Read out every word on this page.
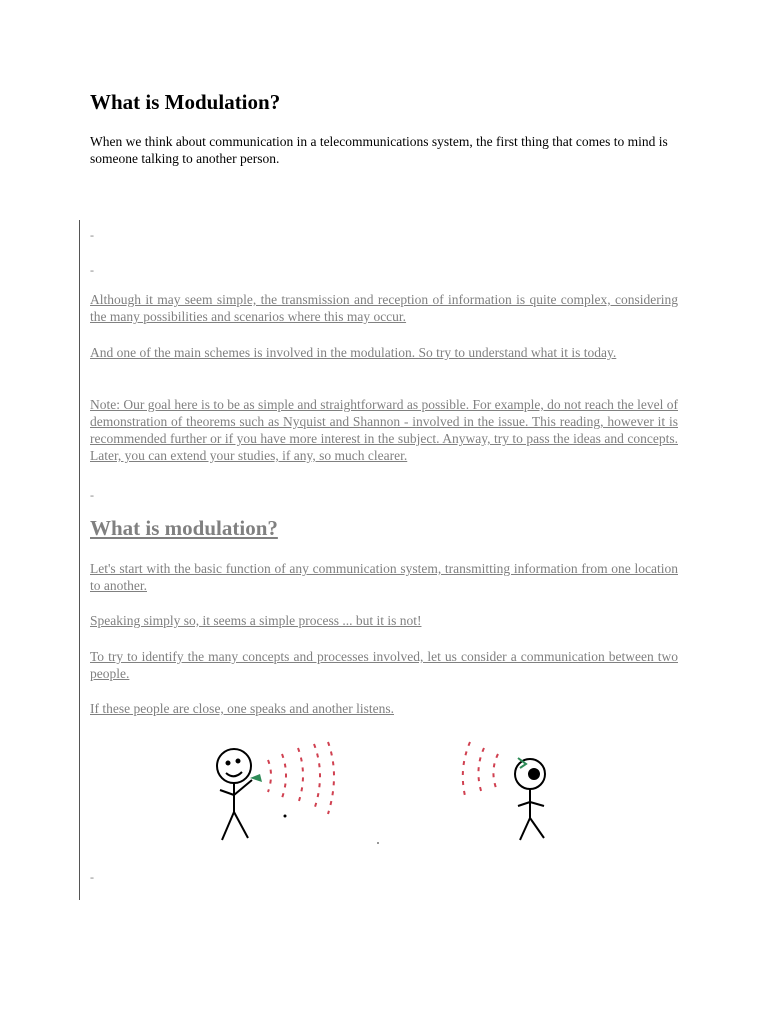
What is Modulation?

When we think about communication in a telecommunications system, the first thing that comes to mind is someone talking to another person.

-

-

Although it may seem simple, the transmission and reception of information is quite complex, considering the many possibilities and scenarios where this may occur.

And one of the main schemes is involved in the modulation. So try to understand what it is today.

Note: Our goal here is to be as simple and straightforward as possible. For example, do not reach the level of demonstration of theorems such as Nyquist and Shannon - involved in the issue. This reading, however it is recommended further or if you have more interest in the subject. Anyway, try to pass the ideas and concepts. Later, you can extend your studies, if any, so much clearer.

-

What is modulation?

Let's start with the basic function of any communication system, transmitting information from one location to another.

Speaking simply so, it seems a simple process ... but it is not!

To try to identify the many concepts and processes involved, let us consider a communication between two people.

If these people are close, one speaks and another listens.

-
